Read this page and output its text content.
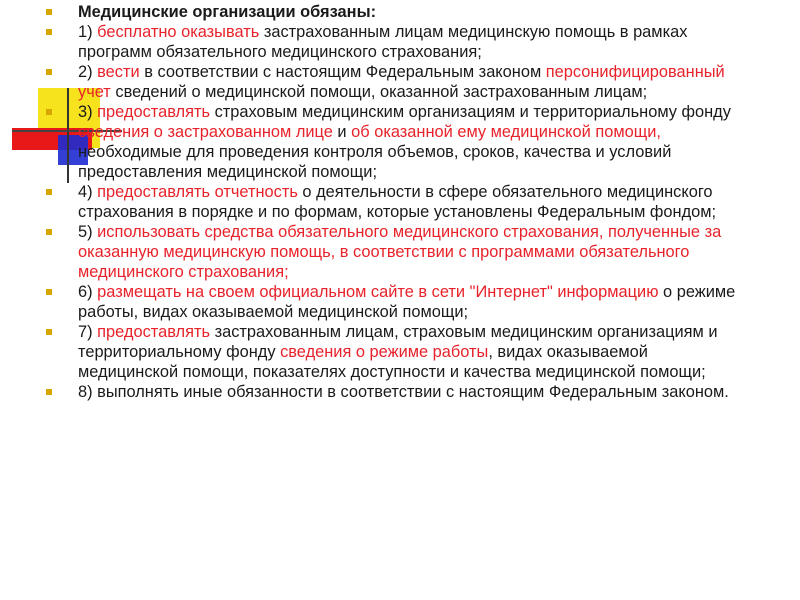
Медицинские организации обязаны:
1) бесплатно оказывать застрахованным лицам медицинскую помощь в рамках программ обязательного медицинского страхования;
2) вести в соответствии с настоящим Федеральным законом персонифицированный учет сведений о медицинской помощи, оказанной застрахованным лицам;
3) предоставлять страховым медицинским организациям и территориальному фонду сведения о застрахованном лице и об оказанной ему медицинской помощи, необходимые для проведения контроля объемов, сроков, качества и условий предоставления медицинской помощи;
4) предоставлять отчетность о деятельности в сфере обязательного медицинского страхования в порядке и по формам, которые установлены Федеральным фондом;
5) использовать средства обязательного медицинского страхования, полученные за оказанную медицинскую помощь, в соответствии с программами обязательного медицинского страхования;
6) размещать на своем официальном сайте в сети "Интернет" информацию о режиме работы, видах оказываемой медицинской помощи;
7) предоставлять застрахованным лицам, страховым медицинским организациям и территориальному фонду сведения о режиме работы, видах оказываемой медицинской помощи, показателях доступности и качества медицинской помощи;
8) выполнять иные обязанности в соответствии с настоящим Федеральным законом.
